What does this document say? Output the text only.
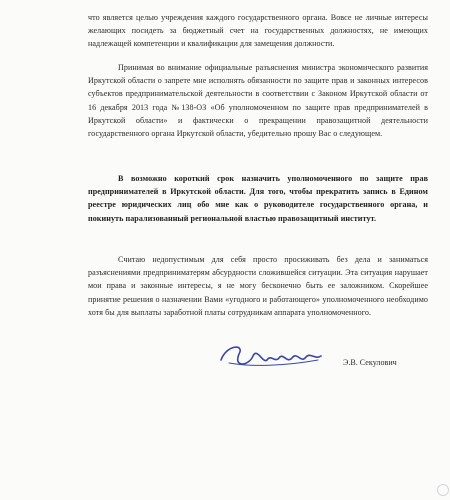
что является целью учреждения каждого государственного органа. Вовсе не личные интересы желающих посидеть за бюджетный счет на государственных должностях, не имеющих надлежащей компетенции и квалификации для замещения должности.

Принимая во внимание официальные разъяснения министра экономического развития Иркутской области о запрете мне исполнять обязанности по защите прав и законных интересов субъектов предпринимательской деятельности в соответствии с Законом Иркутской области от 16 декабря 2013 года №138-ОЗ «Об уполномоченном по защите прав предпринимателей в Иркутской области» и фактически о прекращении правозащитной деятельности государственного органа Иркутской области, убедительно прошу Вас о следующем.

В возможно короткий срок назначить уполномоченного по защите прав предпринимателей в Иркутской области. Для того, чтобы прекратить запись в Едином реестре юридических лиц обо мне как о руководителе государственного органа, и покинуть парализованный региональной властью правозащитный институт.

Считаю недопустимым для себя просто просиживать без дела и заниматься разъяснениями предприниматерям абсурдности сложившейся ситуации. Эта ситуация нарушает мои права и законные интересы, я не могу бесконечно быть ее заложником. Скорейшее принятие решения о назначении Вами «угодного и работающего» уполномоченного необходимо хотя бы для выплаты заработной платы сотрудникам аппарата уполномоченного.

Э.В. Секулович
